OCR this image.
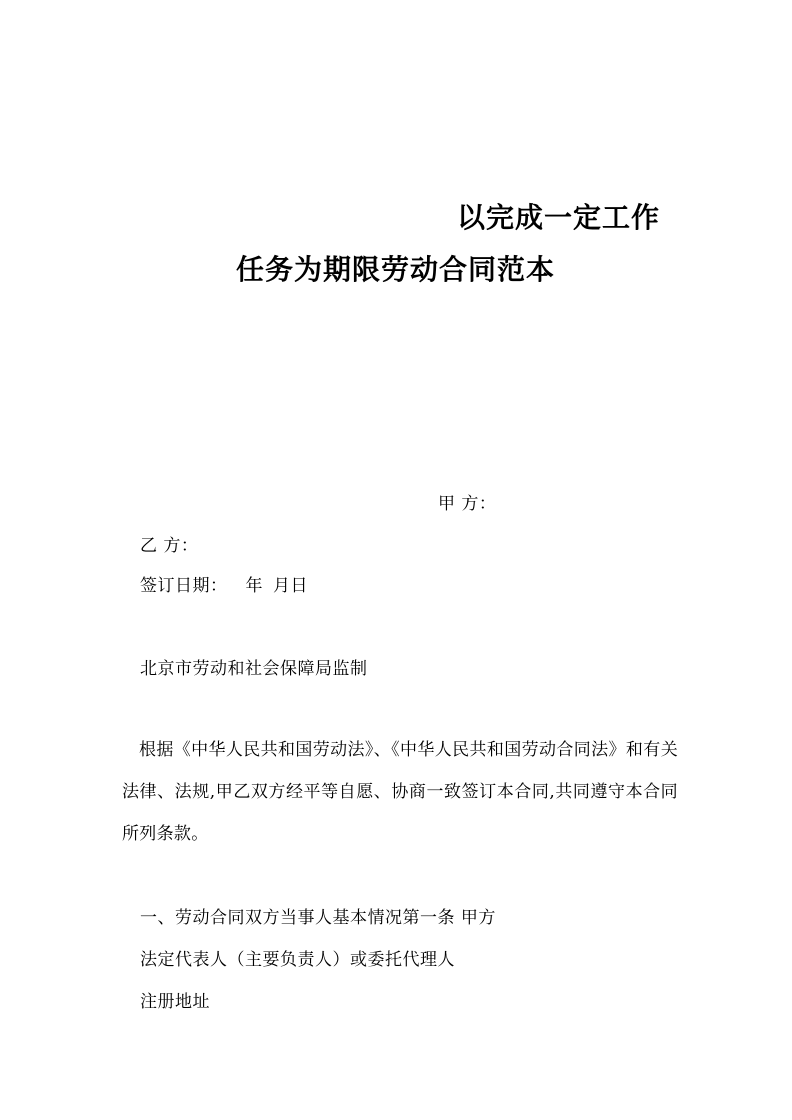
以完成一定工作
任务为期限劳动合同范本
甲 方：
乙 方：
签订日期： 年 月日
北京市劳动和社会保障局监制
根据《中华人民共和国劳动法》、《中华人民共和国劳动合同法》和有关法律、法规,甲乙双方经平等自愿、协商一致签订本合同,共同遵守本合同所列条款。
一、劳动合同双方当事人基本情况第一条 甲方
法定代表人（主要负责人）或委托代理人
注册地址
